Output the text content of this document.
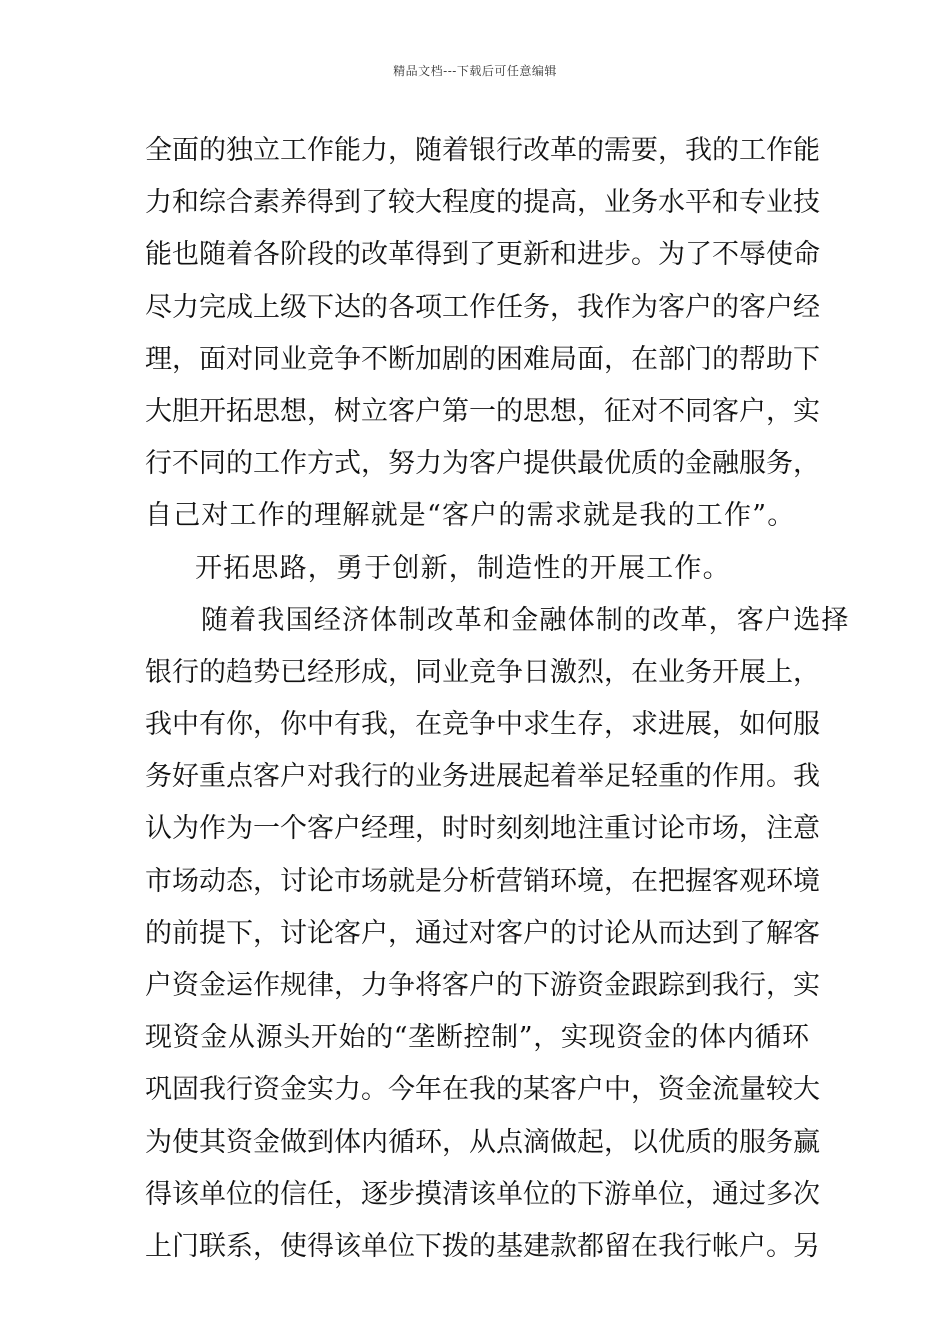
精品文档---下载后可任意编辑
全面的独立工作能力，随着银行改革的需要，我的工作能
力和综合素养得到了较大程度的提高，业务水平和专业技
能也随着各阶段的改革得到了更新和进步。为了不辱使命
尽力完成上级下达的各项工作任务，我作为客户的客户经
理，面对同业竞争不断加剧的困难局面，在部门的帮助下
大胆开拓思想，树立客户第一的思想，征对不同客户，实
行不同的工作方式，努力为客户提供最优质的金融服务，
自己对工作的理解就是“客户的需求就是我的工作”。
开拓思路，勇于创新，制造性的开展工作。
随着我国经济体制改革和金融体制的改革，客户选择
银行的趋势已经形成，同业竞争日激烈，在业务开展上，
我中有你，你中有我，在竞争中求生存，求进展，如何服
务好重点客户对我行的业务进展起着举足轻重的作用。我
认为作为一个客户经理，时时刻刻地注重讨论市场，注意
市场动态，讨论市场就是分析营销环境，在把握客观环境
的前提下，讨论客户，通过对客户的讨论从而达到了解客
户资金运作规律，力争将客户的下游资金跟踪到我行，实
现资金从源头开始的“垄断控制”，实现资金的体内循环
巩固我行资金实力。今年在我的某客户中，资金流量较大
为使其资金做到体内循环，从点滴做起，以优质的服务赢
得该单位的信任，逐步摸清该单位的下游单位，通过多次
上门联系，使得该单位下拨的基建款都留在我行帐户。另
